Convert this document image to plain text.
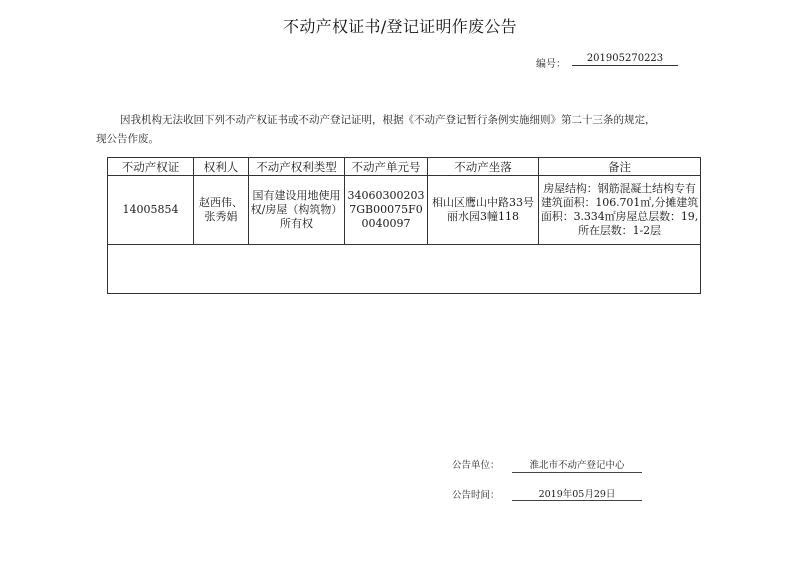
不动产权证书/登记证明作废公告
编号：
201905270223
因我机构无法收回下列不动产权证书或不动产登记证明，根据《不动产登记暂行条例实施细则》第二十三条的规定，现公告作废。
不动产权证	权利人	不动产权利类型	不动产单元号	不动产坐落	备注
14005854	赵西伟、张秀娟	国有建设用地使用权/房屋（构筑物）所有权	340603002037GB00075F00040097	相山区鹰山中路33号丽水园3幢118	房屋结构：钢筋混凝土结构专有建筑面积：106.701㎡,分摊建筑面积：3.334㎡房屋总层数：19, 所在层数：1-2层

公告单位：	淮北市不动产登记中心
公告时间：	2019年05月29日
